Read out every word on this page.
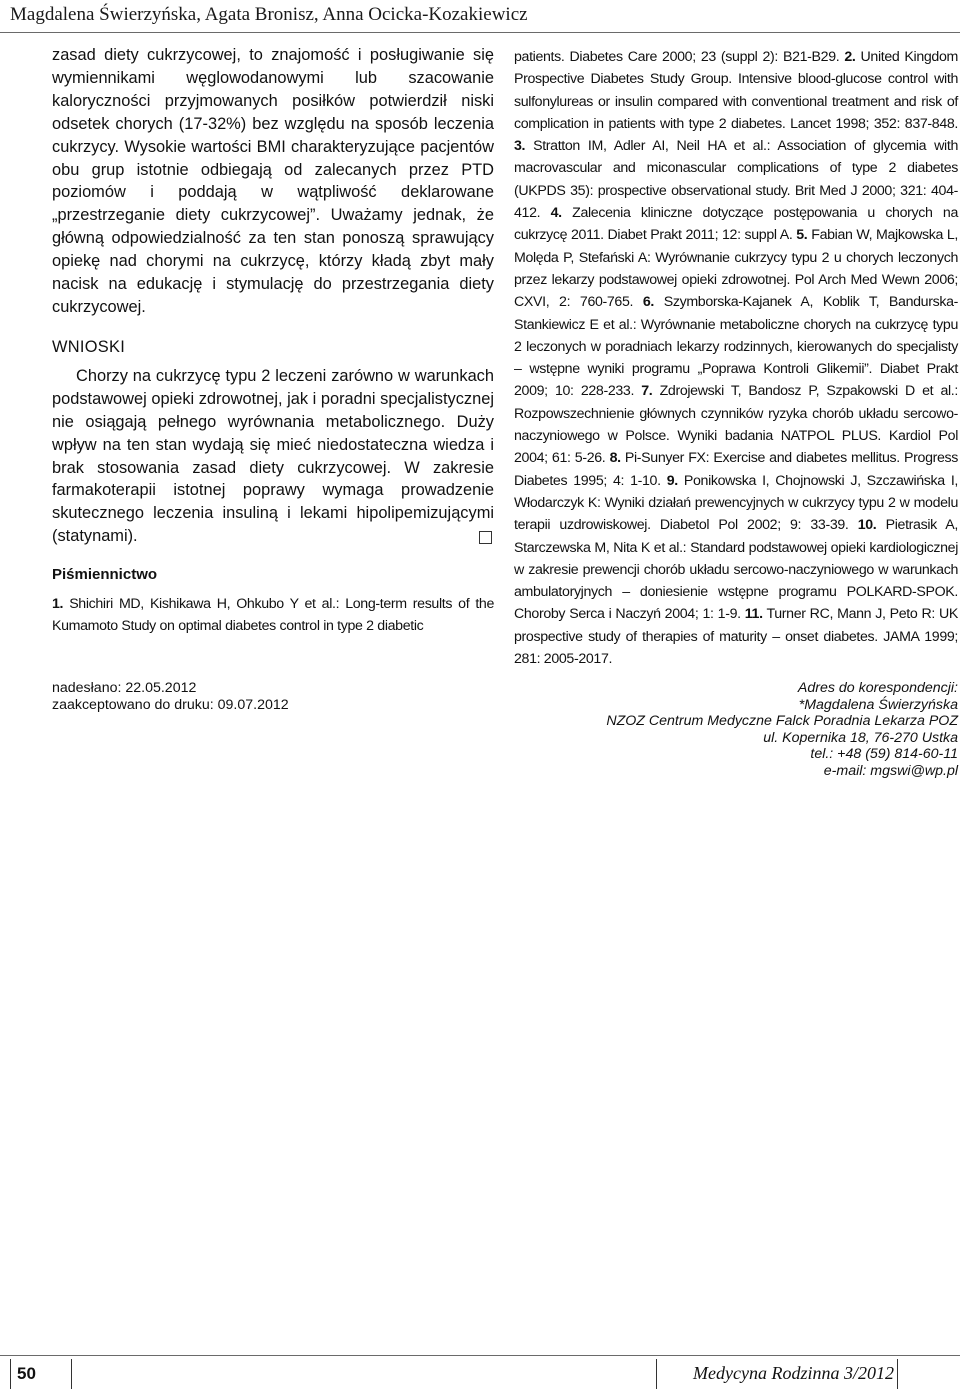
Magdalena Świerzyńska, Agata Bronisz, Anna Ocicka-Kozakiewicz

zasad diety cukrzycowej, to znajomość i posługiwanie się wymiennikami węglowodanowymi lub szacowanie kaloryczności przyjmowanych posiłków potwierdził niski odsetek chorych (17-32%) bez względu na sposób leczenia cukrzycy. Wysokie wartości BMI charakteryzujące pacjentów obu grup istotnie odbiegają od zalecanych przez PTD poziomów i poddają w wątpliwość deklarowane „przestrzeganie diety cukrzycowej”. Uważamy jednak, że główną odpowiedzialność za ten stan ponoszą sprawujący opiekę nad chorymi na cukrzycę, którzy kładą zbyt mały nacisk na edukację i stymulację do przestrzegania diety cukrzycowej.

WNIOSKI

Chorzy na cukrzycę typu 2 leczeni zarówno w warunkach podstawowej opieki zdrowotnej, jak i poradni specjalistycznej nie osiągają pełnego wyrównania metabolicznego. Duży wpływ na ten stan wydają się mieć niedostateczna wiedza i brak stosowania zasad diety cukrzycowej. W zakresie farmakoterapii istotnej poprawy wymaga prowadzenie skutecznego leczenia insuliną i lekami hipolipemizującymi (statynami).

Piśmiennictwo

1. Shichiri MD, Kishikawa H, Ohkubo Y et al.: Long-term results of the Kumamoto Study on optimal diabetes control in type 2 diabetic

patients. Diabetes Care 2000; 23 (suppl 2): B21-B29. 2. United Kingdom Prospective Diabetes Study Group. Intensive blood-glucose control with sulfonylureas or insulin compared with conventional treatment and risk of complication in patients with type 2 diabetes. Lancet 1998; 352: 837-848. 3. Stratton IM, Adler AI, Neil HA et al.: Association of glycemia with macrovascular and miconascular complications of type 2 diabetes (UKPDS 35): prospective observational study. Brit Med J 2000; 321: 404-412. 4. Zalecenia kliniczne dotyczące postępowania u chorych na cukrzycę 2011. Diabet Prakt 2011; 12: suppl A. 5. Fabian W, Majkowska L, Molęda P, Stefański A: Wyrównanie cukrzycy typu 2 u chorych leczonych przez lekarzy podstawowej opieki zdrowotnej. Pol Arch Med Wewn 2006; CXVI, 2: 760-765. 6. Szymborska-Kajanek A, Koblik T, Bandurska-Stankiewicz E et al.: Wyrównanie metaboliczne chorych na cukrzycę typu 2 leczonych w poradniach lekarzy rodzinnych, kierowanych do specjalisty – wstępne wyniki programu „Poprawa Kontroli Glikemii”. Diabet Prakt 2009; 10: 228-233. 7. Zdrojewski T, Bandosz P, Szpakowski D et al.: Rozpowszechnienie głównych czynników ryzyka chorób układu sercowo-naczyniowego w Polsce. Wyniki badania NATPOL PLUS. Kardiol Pol 2004; 61: 5-26. 8. Pi-Sunyer FX: Exercise and diabetes mellitus. Progress Diabetes 1995; 4: 1-10. 9. Ponikowska I, Chojnowski J, Szczawińska I, Włodarczyk K: Wyniki działań prewencyjnych w cukrzycy typu 2 w modelu terapii uzdrowiskowej. Diabetol Pol 2002; 9: 33-39. 10. Pietrasik A, Starczewska M, Nita K et al.: Standard podstawowej opieki kardiologicznej w zakresie prewencji chorób układu sercowo-naczyniowego w warunkach ambulatoryjnych – doniesienie wstępne programu POLKARD-SPOK. Choroby Serca i Naczyń 2004; 1: 1-9. 11. Turner RC, Mann J, Peto R: UK prospective study of therapies of maturity – onset diabetes. JAMA 1999; 281: 2005-2017.

nadesłano: 22.05.2012
zaakceptowano do druku: 09.07.2012
Adres do korespondencji:
*Magdalena Świerzyńska
NZOZ Centrum Medyczne Falck Poradnia Lekarza POZ
ul. Kopernika 18, 76-270 Ustka
tel.: +48 (59) 814-60-11
e-mail: mgswi@wp.pl
50	Medycyna Rodzinna 3/2012
